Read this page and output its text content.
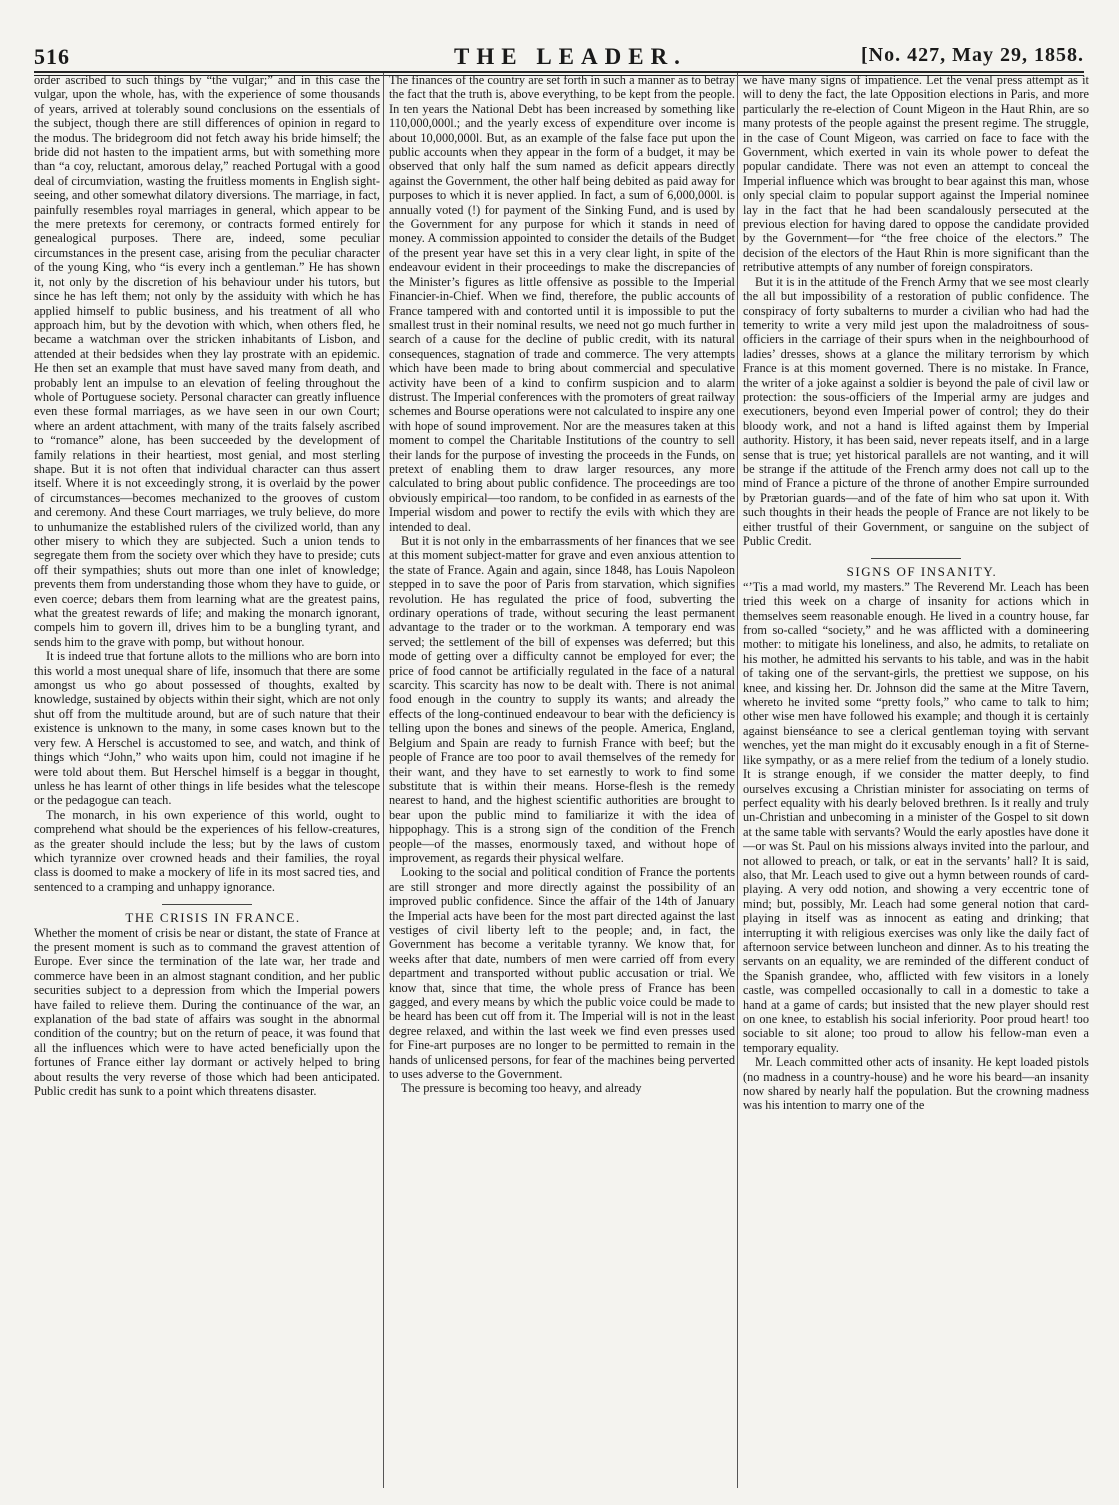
516	THE LEADER.	[No. 427, May 29, 1858.

order ascribed to such things by “the vulgar;” and in this case the vulgar, upon the whole, has, with the experience of some thousands of years, arrived at tolerably sound conclusions on the essentials of the subject, though there are still differences of opinion in regard to the modus. The bridegroom did not fetch away his bride himself; the bride did not hasten to the impatient arms, but with something more than “a coy, reluctant, amorous delay,” reached Portugal with a good deal of circumviation, wasting the fruitless moments in English sight-seeing, and other somewhat dilatory diversions. The marriage, in fact, painfully resembles royal marriages in general, which appear to be the mere pretexts for ceremony, or contracts formed entirely for genealogical purposes. There are, indeed, some peculiar circumstances in the present case, arising from the peculiar character of the young King, who “is every inch a gentleman.” He has shown it, not only by the discretion of his behaviour under his tutors, but since he has left them; not only by the assiduity with which he has applied himself to public business, and his treatment of all who approach him, but by the devotion with which, when others fled, he became a watchman over the stricken inhabitants of Lisbon, and attended at their bedsides when they lay prostrate with an epidemic. He then set an example that must have saved many from death, and probably lent an impulse to an elevation of feeling throughout the whole of Portuguese society. Personal character can greatly influence even these formal marriages, as we have seen in our own Court; where an ardent attachment, with many of the traits falsely ascribed to “romance” alone, has been succeeded by the development of family relations in their heartiest, most genial, and most sterling shape. But it is not often that individual character can thus assert itself. Where it is not exceedingly strong, it is overlaid by the power of circumstances—becomes mechanized to the grooves of custom and ceremony. And these Court marriages, we truly believe, do more to unhumanize the established rulers of the civilized world, than any other misery to which they are subjected. Such a union tends to segregate them from the society over which they have to preside; cuts off their sympathies; shuts out more than one inlet of knowledge; prevents them from understanding those whom they have to guide, or even coerce; debars them from learning what are the greatest pains, what the greatest rewards of life; and making the monarch ignorant, compels him to govern ill, drives him to be a bungling tyrant, and sends him to the grave with pomp, but without honour.

It is indeed true that fortune allots to the millions who are born into this world a most unequal share of life, insomuch that there are some amongst us who go about possessed of thoughts, exalted by knowledge, sustained by objects within their sight, which are not only shut off from the multitude around, but are of such nature that their existence is unknown to the many, in some cases known but to the very few. A Herschel is accustomed to see, and watch, and think of things which “John,” who waits upon him, could not imagine if he were told about them. But Herschel himself is a beggar in thought, unless he has learnt of other things in life besides what the telescope or the pedagogue can teach.

The monarch, in his own experience of this world, ought to comprehend what should be the experiences of his fellow-creatures, as the greater should include the less; but by the laws of custom which tyrannize over crowned heads and their families, the royal class is doomed to make a mockery of life in its most sacred ties, and sentenced to a cramping and unhappy ignorance.

THE CRISIS IN FRANCE.

Whether the moment of crisis be near or distant, the state of France at the present moment is such as to command the gravest attention of Europe. Ever since the termination of the late war, her trade and commerce have been in an almost stagnant condition, and her public securities subject to a depression from which the Imperial powers have failed to relieve them. During the continuance of the war, an explanation of the bad state of affairs was sought in the abnormal condition of the country; but on the return of peace, it was found that all the influences which were to have acted beneficially upon the fortunes of France either lay dormant or actively helped to bring about results the very reverse of those which had been anticipated. Public credit has sunk to a point which threatens disaster.

The finances of the country are set forth in such a manner as to betray the fact that the truth is, above everything, to be kept from the people. In ten years the National Debt has been increased by something like 110,000,000l.; and the yearly excess of expenditure over income is about 10,000,000l. But, as an example of the false face put upon the public accounts when they appear in the form of a budget, it may be observed that only half the sum named as deficit appears directly against the Government, the other half being debited as paid away for purposes to which it is never applied. In fact, a sum of 6,000,000l. is annually voted (!) for payment of the Sinking Fund, and is used by the Government for any purpose for which it stands in need of money. A commission appointed to consider the details of the Budget of the present year have set this in a very clear light, in spite of the endeavour evident in their proceedings to make the discrepancies of the Minister’s figures as little offensive as possible to the Imperial Financier-in-Chief. When we find, therefore, the public accounts of France tampered with and contorted until it is impossible to put the smallest trust in their nominal results, we need not go much further in search of a cause for the decline of public credit, with its natural consequences, stagnation of trade and commerce. The very attempts which have been made to bring about commercial and speculative activity have been of a kind to confirm suspicion and to alarm distrust. The Imperial conferences with the promoters of great railway schemes and Bourse operations were not calculated to inspire any one with hope of sound improvement. Nor are the measures taken at this moment to compel the Charitable Institutions of the country to sell their lands for the purpose of investing the proceeds in the Funds, on pretext of enabling them to draw larger resources, any more calculated to bring about public confidence. The proceedings are too obviously empirical—too random, to be confided in as earnests of the Imperial wisdom and power to rectify the evils with which they are intended to deal.

But it is not only in the embarrassments of her finances that we see at this moment subject-matter for grave and even anxious attention to the state of France. Again and again, since 1848, has Louis Napoleon stepped in to save the poor of Paris from starvation, which signifies revolution. He has regulated the price of food, subverting the ordinary operations of trade, without securing the least permanent advantage to the trader or to the workman. A temporary end was served; the settlement of the bill of expenses was deferred; but this mode of getting over a difficulty cannot be employed for ever; the price of food cannot be artificially regulated in the face of a natural scarcity. This scarcity has now to be dealt with. There is not animal food enough in the country to supply its wants; and already the effects of the long-continued endeavour to bear with the deficiency is telling upon the bones and sinews of the people. America, England, Belgium and Spain are ready to furnish France with beef; but the people of France are too poor to avail themselves of the remedy for their want, and they have to set earnestly to work to find some substitute that is within their means. Horse-flesh is the remedy nearest to hand, and the highest scientific authorities are brought to bear upon the public mind to familiarize it with the idea of hippophagy. This is a strong sign of the condition of the French people—of the masses, enormously taxed, and without hope of improvement, as regards their physical welfare.

Looking to the social and political condition of France the portents are still stronger and more directly against the possibility of an improved public confidence. Since the affair of the 14th of January the Imperial acts have been for the most part directed against the last vestiges of civil liberty left to the people; and, in fact, the Government has become a veritable tyranny. We know that, for weeks after that date, numbers of men were carried off from every department and transported without public accusation or trial. We know that, since that time, the whole press of France has been gagged, and every means by which the public voice could be made to be heard has been cut off from it. The Imperial will is not in the least degree relaxed, and within the last week we find even presses used for Fine-art purposes are no longer to be permitted to remain in the hands of unlicensed persons, for fear of the machines being perverted to uses adverse to the Government.

The pressure is becoming too heavy, and already

we have many signs of impatience. Let the venal press attempt as it will to deny the fact, the late Opposition elections in Paris, and more particularly the re-election of Count Migeon in the Haut Rhin, are so many protests of the people against the present regime. The struggle, in the case of Count Migeon, was carried on face to face with the Government, which exerted in vain its whole power to defeat the popular candidate. There was not even an attempt to conceal the Imperial influence which was brought to bear against this man, whose only special claim to popular support against the Imperial nominee lay in the fact that he had been scandalously persecuted at the previous election for having dared to oppose the candidate provided by the Government—for “the free choice of the electors.” The decision of the electors of the Haut Rhin is more significant than the retributive attempts of any number of foreign conspirators.

But it is in the attitude of the French Army that we see most clearly the all but impossibility of a restoration of public confidence. The conspiracy of forty subalterns to murder a civilian who had had the temerity to write a very mild jest upon the maladroitness of sous-officiers in the carriage of their spurs when in the neighbourhood of ladies’ dresses, shows at a glance the military terrorism by which France is at this moment governed. There is no mistake. In France, the writer of a joke against a soldier is beyond the pale of civil law or protection: the sous-officiers of the Imperial army are judges and executioners, beyond even Imperial power of control; they do their bloody work, and not a hand is lifted against them by Imperial authority. History, it has been said, never repeats itself, and in a large sense that is true; yet historical parallels are not wanting, and it will be strange if the attitude of the French army does not call up to the mind of France a picture of the throne of another Empire surrounded by Prætorian guards—and of the fate of him who sat upon it. With such thoughts in their heads the people of France are not likely to be either trustful of their Government, or sanguine on the subject of Public Credit.

SIGNS OF INSANITY.

“’Tis a mad world, my masters.” The Reverend Mr. Leach has been tried this week on a charge of insanity for actions which in themselves seem reasonable enough. He lived in a country house, far from so-called “society,” and he was afflicted with a domineering mother: to mitigate his loneliness, and also, he admits, to retaliate on his mother, he admitted his servants to his table, and was in the habit of taking one of the servant-girls, the prettiest we suppose, on his knee, and kissing her. Dr. Johnson did the same at the Mitre Tavern, whereto he invited some “pretty fools,” who came to talk to him; other wise men have followed his example; and though it is certainly against bienséance to see a clerical gentleman toying with servant wenches, yet the man might do it excusably enough in a fit of Sterne-like sympathy, or as a mere relief from the tedium of a lonely studio. It is strange enough, if we consider the matter deeply, to find ourselves excusing a Christian minister for associating on terms of perfect equality with his dearly beloved brethren. Is it really and truly un-Christian and unbecoming in a minister of the Gospel to sit down at the same table with servants? Would the early apostles have done it—or was St. Paul on his missions always invited into the parlour, and not allowed to preach, or talk, or eat in the servants’ hall? It is said, also, that Mr. Leach used to give out a hymn between rounds of card-playing. A very odd notion, and showing a very eccentric tone of mind; but, possibly, Mr. Leach had some general notion that card-playing in itself was as innocent as eating and drinking; that interrupting it with religious exercises was only like the daily fact of afternoon service between luncheon and dinner. As to his treating the servants on an equality, we are reminded of the different conduct of the Spanish grandee, who, afflicted with few visitors in a lonely castle, was compelled occasionally to call in a domestic to take a hand at a game of cards; but insisted that the new player should rest on one knee, to establish his social inferiority. Poor proud heart! too sociable to sit alone; too proud to allow his fellow-man even a temporary equality.

Mr. Leach committed other acts of insanity. He kept loaded pistols (no madness in a country-house) and he wore his beard—an insanity now shared by nearly half the population. But the crowning madness was his intention to marry one of the
